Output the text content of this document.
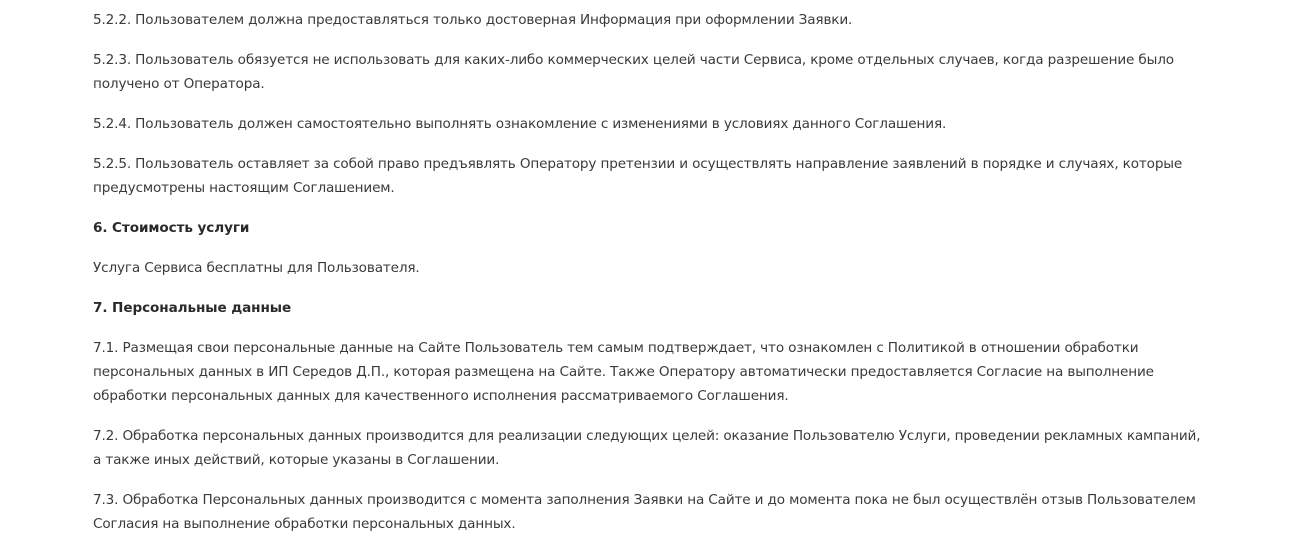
5.2.2. Пользователем должна предоставляться только достоверная Информация при оформлении Заявки.

5.2.3. Пользователь обязуется не использовать для каких-либо коммерческих целей части Сервиса, кроме отдельных случаев, когда разрешение было получено от Оператора.

5.2.4. Пользователь должен самостоятельно выполнять ознакомление с изменениями в условиях данного Соглашения.

5.2.5. Пользователь оставляет за собой право предъявлять Оператору претензии и осуществлять направление заявлений в порядке и случаях, которые предусмотрены настоящим Соглашением.

6. Стоимость услуги

Услуга Сервиса бесплатны для Пользователя.

7. Персональные данные

7.1. Размещая свои персональные данные на Сайте Пользователь тем самым подтверждает, что ознакомлен с Политикой в отношении обработки персональных данных в ИП Середов Д.П., которая размещена на Сайте. Также Оператору автоматически предоставляется Согласие на выполнение обработки персональных данных для качественного исполнения рассматриваемого Соглашения.

7.2. Обработка персональных данных производится для реализации следующих целей: оказание Пользователю Услуги, проведении рекламных кампаний, а также иных действий, которые указаны в Соглашении.

7.3. Обработка Персональных данных производится с момента заполнения Заявки на Сайте и до момента пока не был осуществлён отзыв Пользователем Согласия на выполнение обработки персональных данных.
